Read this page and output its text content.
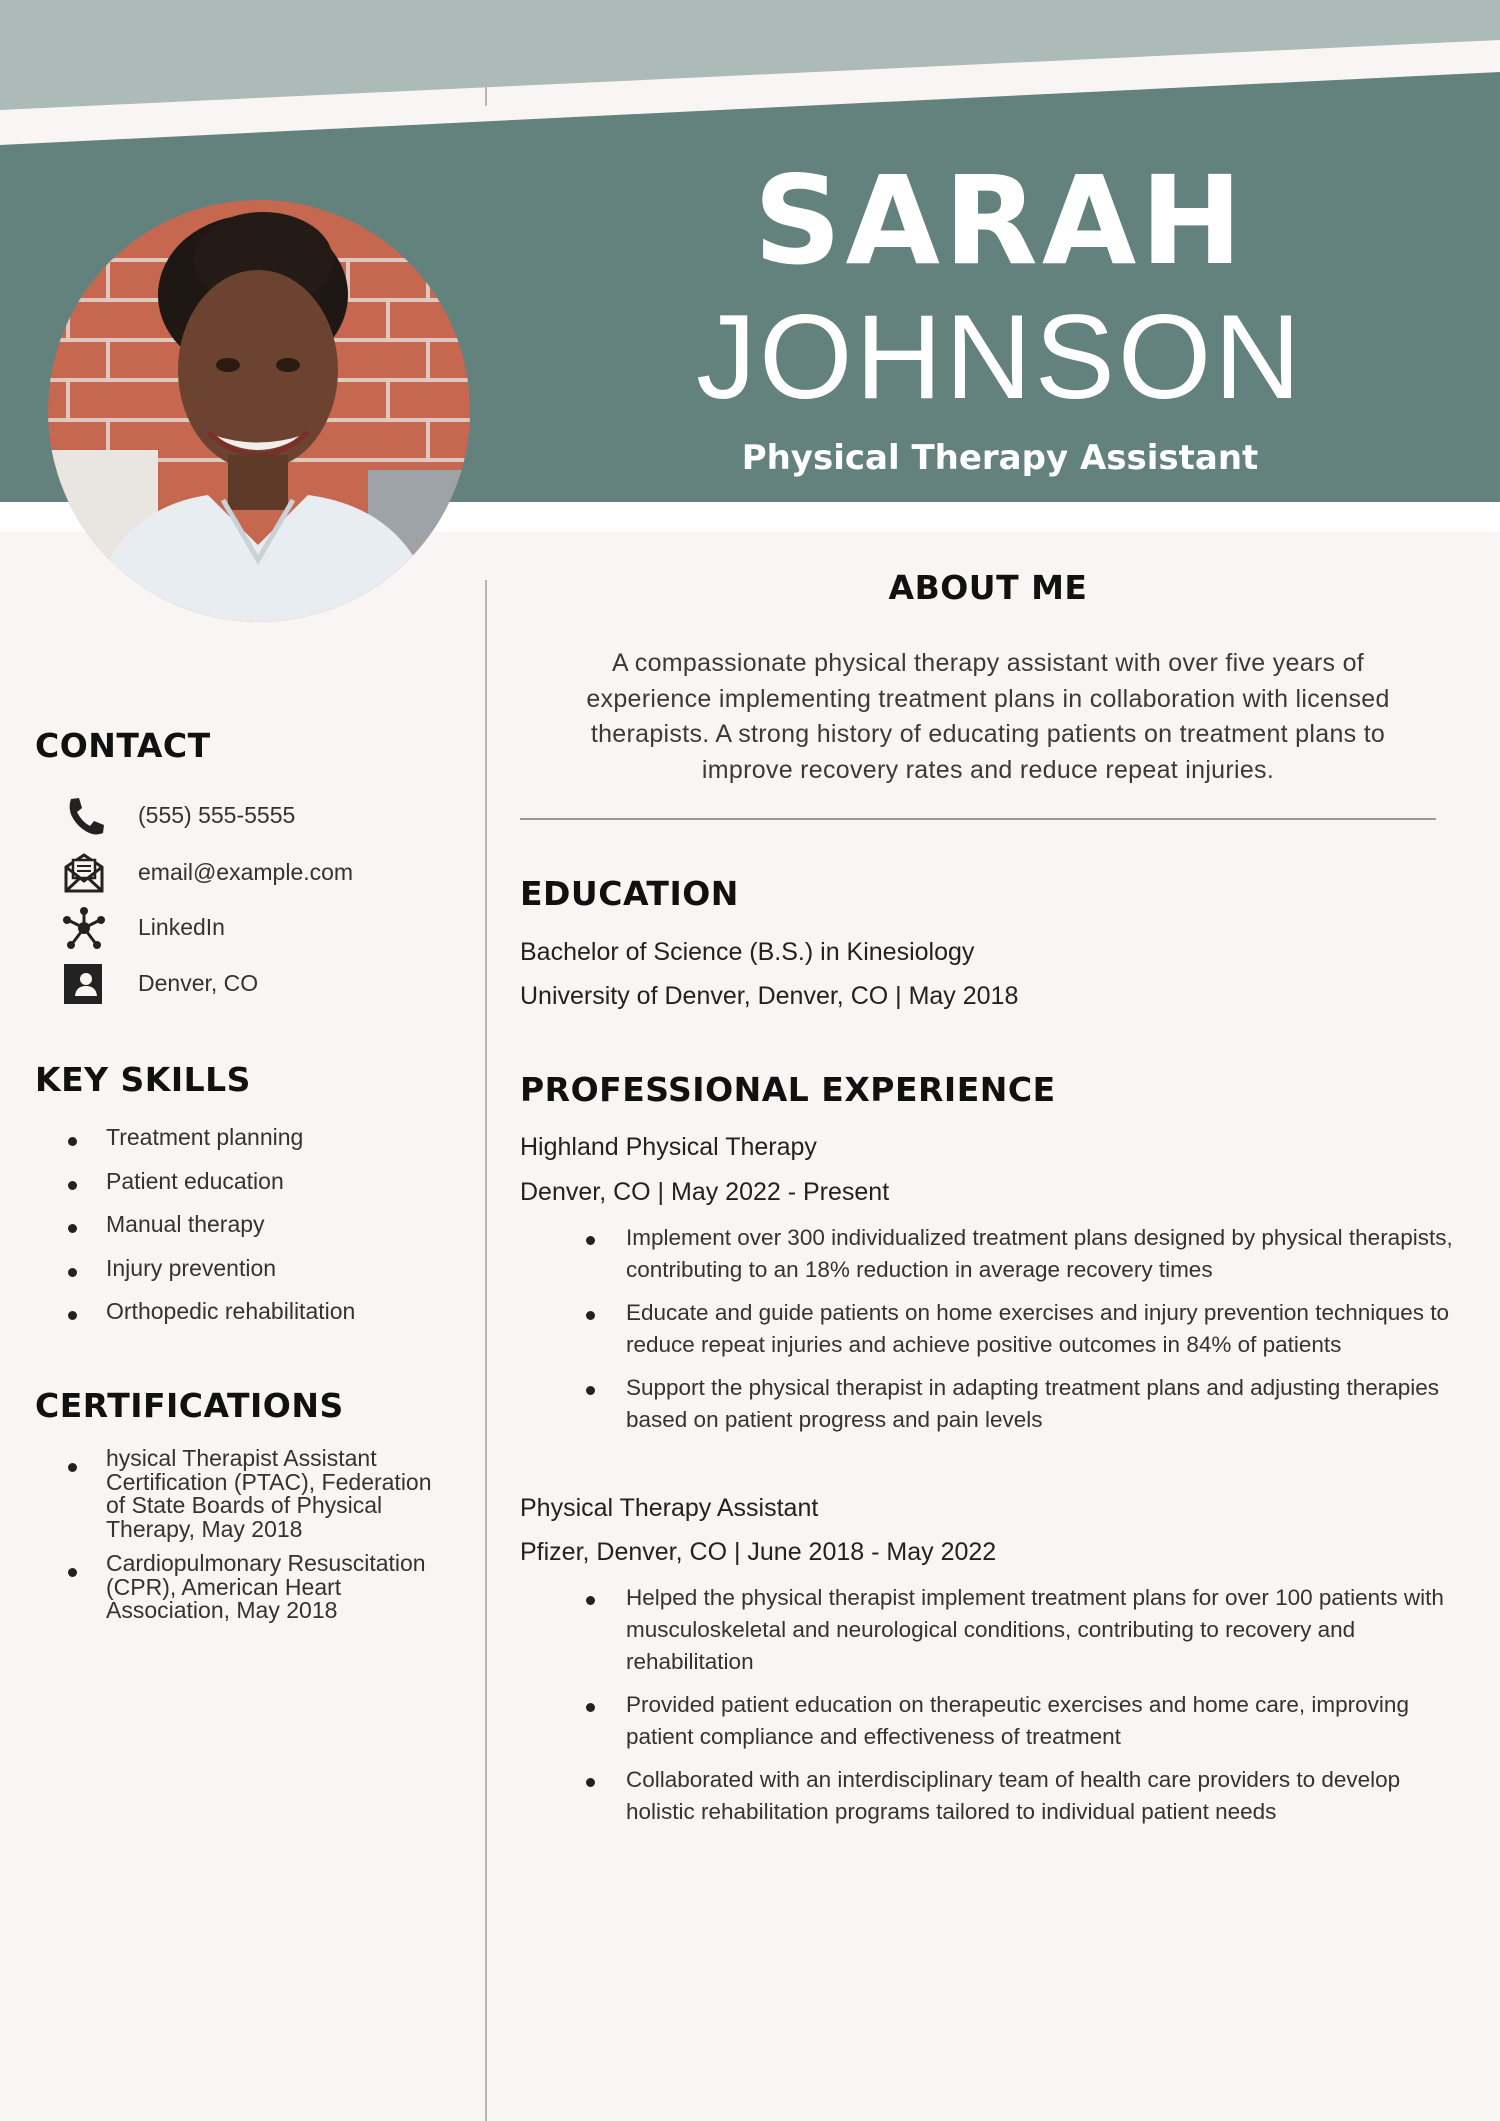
SARAH
JOHNSON
Physical Therapy Assistant
CONTACT
(555) 555-5555
email@example.com
LinkedIn
Denver, CO
KEY SKILLS
Treatment planning
Patient education
Manual therapy
Injury prevention
Orthopedic rehabilitation
CERTIFICATIONS
hysical Therapist Assistant Certification (PTAC), Federation of State Boards of Physical Therapy, May 2018
Cardiopulmonary Resuscitation (CPR), American Heart Association, May 2018
ABOUT ME
A compassionate physical therapy assistant with over five years of experience implementing treatment plans in collaboration with licensed therapists. A strong history of educating patients on treatment plans to improve recovery rates and reduce repeat injuries.
EDUCATION
Bachelor of Science (B.S.) in Kinesiology
University of Denver, Denver, CO | May 2018
PROFESSIONAL EXPERIENCE
Highland Physical Therapy
Denver, CO | May 2022 - Present
Implement over 300 individualized treatment plans designed by physical therapists, contributing to an 18% reduction in average recovery times
Educate and guide patients on home exercises and injury prevention techniques to reduce repeat injuries and achieve positive outcomes in 84% of patients
Support the physical therapist in adapting treatment plans and adjusting therapies based on patient progress and pain levels
Physical Therapy Assistant
Pfizer, Denver, CO | June 2018 - May 2022
Helped the physical therapist implement treatment plans for over 100 patients with musculoskeletal and neurological conditions, contributing to recovery and rehabilitation
Provided patient education on therapeutic exercises and home care, improving patient compliance and effectiveness of treatment
Collaborated with an interdisciplinary team of health care providers to develop holistic rehabilitation programs tailored to individual patient needs
